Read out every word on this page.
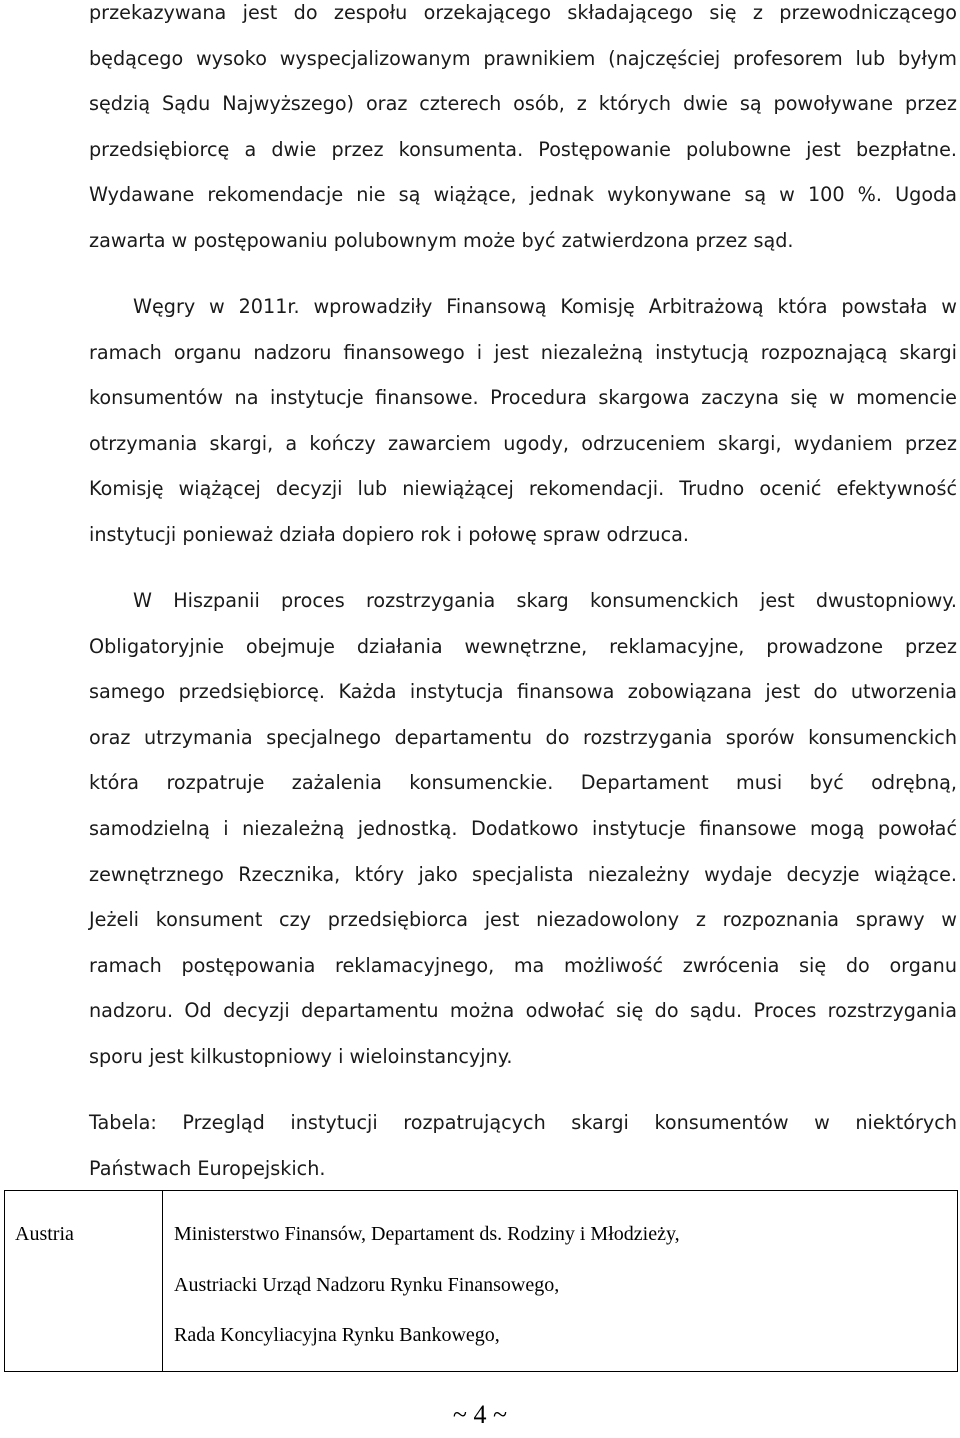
przekazywana jest do zespołu orzekającego składającego się z przewodniczącego
będącego wysoko wyspecjalizowanym prawnikiem (najczęściej profesorem lub byłym
sędzią Sądu Najwyższego) oraz czterech osób, z których dwie są powoływane przez
przedsiębiorcę a dwie przez konsumenta. Postępowanie polubowne jest bezpłatne.
Wydawane rekomendacje nie są wiążące, jednak wykonywane są w 100 %. Ugoda
zawarta w postępowaniu polubownym może być zatwierdzona przez sąd.
Węgry w 2011r. wprowadziły Finansową Komisję Arbitrażową która powstała w
ramach organu nadzoru finansowego i jest niezależną instytucją rozpoznającą skargi
konsumentów na instytucje finansowe. Procedura skargowa zaczyna się w momencie
otrzymania skargi, a kończy zawarciem ugody, odrzuceniem skargi, wydaniem przez
Komisję wiążącej decyzji lub niewiążącej rekomendacji. Trudno ocenić efektywność
instytucji ponieważ działa dopiero rok i połowę spraw odrzuca.
W Hiszpanii proces rozstrzygania skarg konsumenckich jest dwustopniowy.
Obligatoryjnie obejmuje działania wewnętrzne, reklamacyjne, prowadzone przez
samego przedsiębiorcę. Każda instytucja finansowa zobowiązana jest do utworzenia
oraz utrzymania specjalnego departamentu do rozstrzygania sporów konsumenckich
która rozpatruje zażalenia konsumenckie. Departament musi być odrębną,
samodzielną i niezależną jednostką. Dodatkowo instytucje finansowe mogą powołać
zewnętrznego Rzecznika, który jako specjalista niezależny wydaje decyzje wiążące.
Jeżeli konsument czy przedsiębiorca jest niezadowolony z rozpoznania sprawy w
ramach postępowania reklamacyjnego, ma możliwość zwrócenia się do organu
nadzoru. Od decyzji departamentu można odwołać się do sądu. Proces rozstrzygania
sporu jest kilkustopniowy i wieloinstancyjny.
Tabela: Przegląd instytucji rozpatrujących skargi konsumentów w niektórych
Państwach Europejskich.
Austria	Ministerstwo Finansów, Departament ds. Rodziny i Młodzieży,
Austriacki Urząd Nadzoru Rynku Finansowego,
Rada Koncyliacyjna Rynku Bankowego,
~ 4 ~
